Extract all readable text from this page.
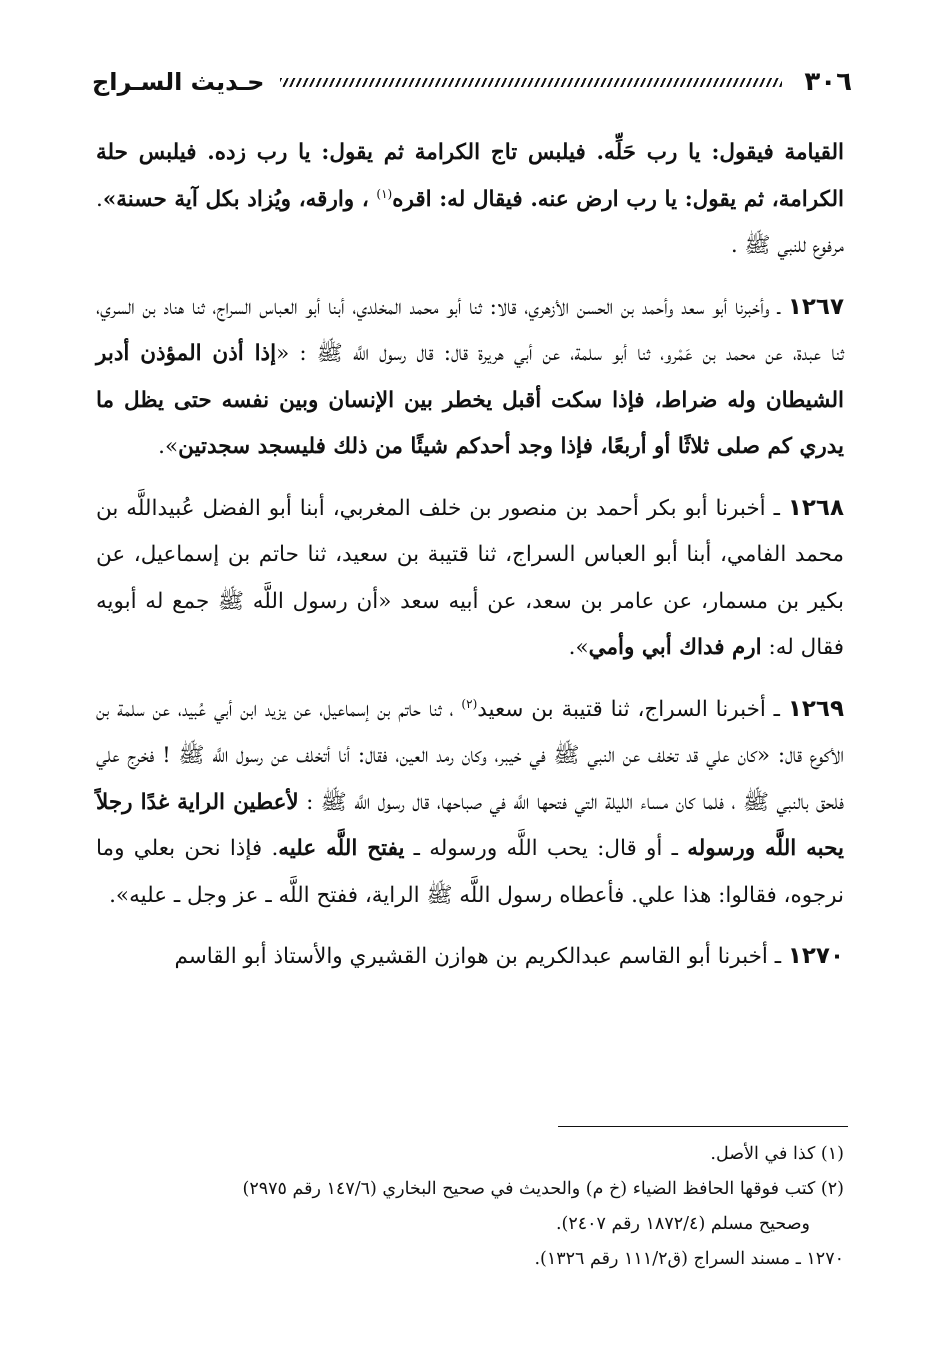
٣٠٦
حـديث السـراج

القيامة فيقول: يا رب حَلِّه. فيلبس تاج الكرامة ثم يقول: يا رب زده. فيلبس حلة الكرامة، ثم يقول: يا رب ارض عنه. فيقال له: اقره$^{(١)}$ ، وارقه، ويُزاد بكل آية حسنة». مرفوع للنبي ﷺ .

١٢٦٧ ـ وأخبرنا أبو سعد وأحمد بن الحسن الأزهري، قالا: ثنا أبو محمد المخلدي، أبنا أبو العباس السراج، ثنا هناد بن السري، ثنا عبدة، عن محمد بن عَمْرو، ثنا أبو سلمة، عن أبي هريرة قال: قال رسول اللَّه ﷺ : «إذا أذن المؤذن أدبر الشيطان وله ضراط، فإذا سكت أقبل يخطر بين الإنسان وبين نفسه حتى يظل ما يدري كم صلى ثلاثًا أو أربعًا، فإذا وجد أحدكم شيئًا من ذلك فليسجد سجدتين».

١٢٦٨ ـ أخبرنا أبو بكر أحمد بن منصور بن خلف المغربي، أبنا أبو الفضل عُبيداللَّه بن محمد الفامي، أبنا أبو العباس السراج، ثنا قتيبة بن سعيد، ثنا حاتم بن إسماعيل، عن بكير بن مسمار، عن عامر بن سعد، عن أبيه سعد «أن رسول اللَّه ﷺ جمع له أبويه فقال له: ارم فداك أبي وأمي».

١٢٦٩ ـ أخبرنا السراج، ثنا قتيبة بن سعيد$^{(٢)}$ ، ثنا حاتم بن إسماعيل، عن يزيد ابن أبي عُبيد، عن سلمة بن الأكوع قال: «كان علي قد تخلف عن النبي ﷺ في خيبر، وكان رمد العين، فقال: أنا أتخلف عن رسول اللَّه ﷺ ! فخرج علي فلحق بالنبي ﷺ ، فلما كان مساء الليلة التي فتحها اللَّه في صباحها، قال رسول اللَّه ﷺ : لأعطين الراية غدًا رجلاً يحبه اللَّه ورسوله ـ أو قال: يحب اللَّه ورسوله ـ يفتح اللَّه عليه. فإذا نحن بعلي وما نرجوه، فقالوا: هذا علي. فأعطاه رسول اللَّه ﷺ الراية، ففتح اللَّه ـ عز وجل ـ عليه».

١٢٧٠ ـ أخبرنا أبو القاسم عبدالكريم بن هوازن القشيري والأستاذ أبو القاسم

(١) كذا في الأصل.

(٢) كتب فوقها الحافظ الضياء (خ م) والحديث في صحيح البخاري (١٤٧/٦ رقم ٢٩٧٥)

وصحيح مسلم (١٨٧٢/٤ رقم ٢٤٠٧).

١٢٧٠ ـ مسند السراج (ق١١١/٢ رقم ١٣٢٦).
